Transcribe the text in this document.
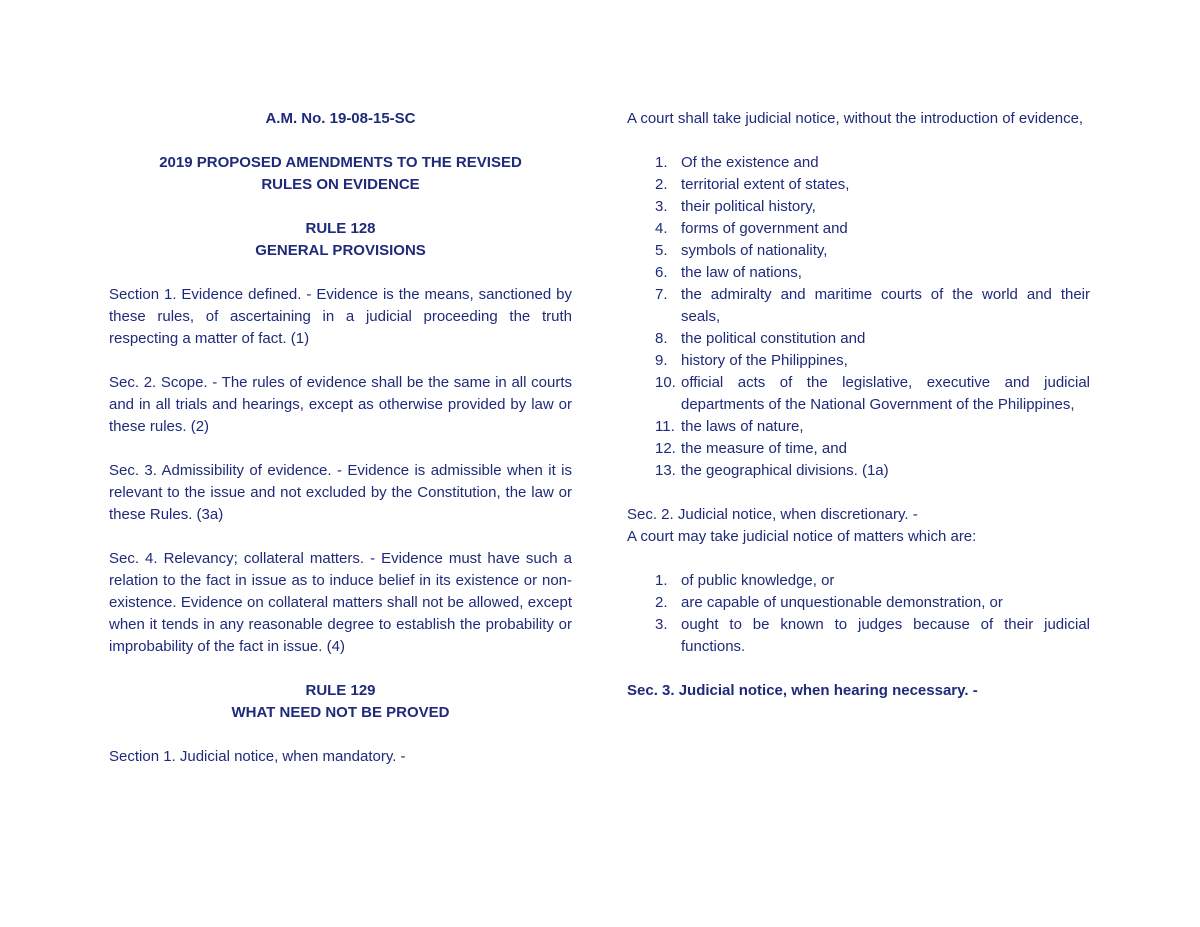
A.M. No. 19-08-15-SC

2019 PROPOSED AMENDMENTS TO THE REVISED

RULES ON EVIDENCE

RULE 128

GENERAL PROVISIONS

Section 1. Evidence defined. - Evidence is the means, sanctioned by these rules, of ascertaining in a judicial proceeding the truth respecting a matter of fact. (1)

Sec. 2. Scope. - The rules of evidence shall be the same in all courts and in all trials and hearings, except as otherwise provided by law or these rules. (2)

Sec. 3. Admissibility of evidence. - Evidence is admissible when it is relevant to the issue and not excluded by the Constitution, the law or these Rules. (3a)

Sec. 4. Relevancy; collateral matters. - Evidence must have such a relation to the fact in issue as to induce belief in its existence or non-existence. Evidence on collateral matters shall not be allowed, except when it tends in any reasonable degree to establish the probability or improbability of the fact in issue. (4)

RULE 129

WHAT NEED NOT BE PROVED

Section 1. Judicial notice, when mandatory. -

A court shall take judicial notice, without the introduction of evidence,

1. Of the existence and
2. territorial extent of states,
3. their political history,
4. forms of government and
5. symbols of nationality,
6. the law of nations,
7. the admiralty and maritime courts of the world and their seals,
8. the political constitution and
9. history of the Philippines,
10. official acts of the legislative, executive and judicial departments of the National Government of the Philippines,
11. the laws of nature,
12. the measure of time, and
13. the geographical divisions. (1a)

Sec. 2. Judicial notice, when discretionary. -

A court may take judicial notice of matters which are:

1. of public knowledge, or
2. are capable of unquestionable demonstration, or
3. ought to be known to judges because of their judicial functions.

Sec. 3. Judicial notice, when hearing necessary. -
